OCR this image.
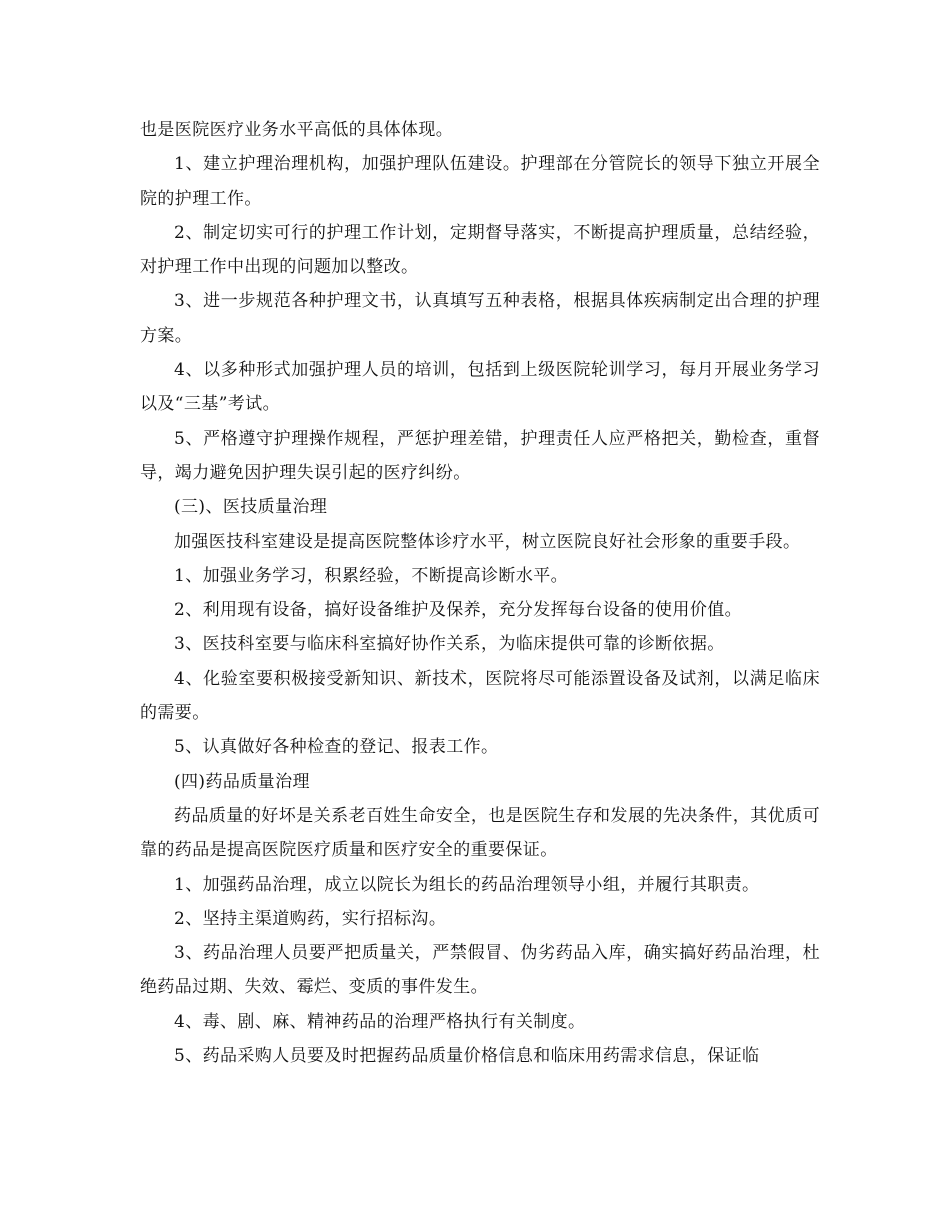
也是医院医疗业务水平高低的具体体现。

1、建立护理治理机构，加强护理队伍建设。护理部在分管院长的领导下独立开展全院的护理工作。

2、制定切实可行的护理工作计划，定期督导落实，不断提高护理质量，总结经验，对护理工作中出现的问题加以整改。

3、进一步规范各种护理文书，认真填写五种表格，根据具体疾病制定出合理的护理方案。

4、以多种形式加强护理人员的培训，包括到上级医院轮训学习，每月开展业务学习以及“三基”考试。

5、严格遵守护理操作规程，严惩护理差错，护理责任人应严格把关，勤检查，重督导，竭力避免因护理失误引起的医疗纠纷。

(三)、医技质量治理

加强医技科室建设是提高医院整体诊疗水平，树立医院良好社会形象的重要手段。

1、加强业务学习，积累经验，不断提高诊断水平。

2、利用现有设备，搞好设备维护及保养，充分发挥每台设备的使用价值。

3、医技科室要与临床科室搞好协作关系，为临床提供可靠的诊断依据。

4、化验室要积极接受新知识、新技术，医院将尽可能添置设备及试剂，以满足临床的需要。

5、认真做好各种检查的登记、报表工作。

(四)药品质量治理

药品质量的好坏是关系老百姓生命安全，也是医院生存和发展的先决条件，其优质可靠的药品是提高医院医疗质量和医疗安全的重要保证。

1、加强药品治理，成立以院长为组长的药品治理领导小组，并履行其职责。

2、坚持主渠道购药，实行招标沟。

3、药品治理人员要严把质量关，严禁假冒、伪劣药品入库，确实搞好药品治理，杜绝药品过期、失效、霉烂、变质的事件发生。

4、毒、剧、麻、精神药品的治理严格执行有关制度。

5、药品采购人员要及时把握药品质量价格信息和临床用药需求信息，保证临
